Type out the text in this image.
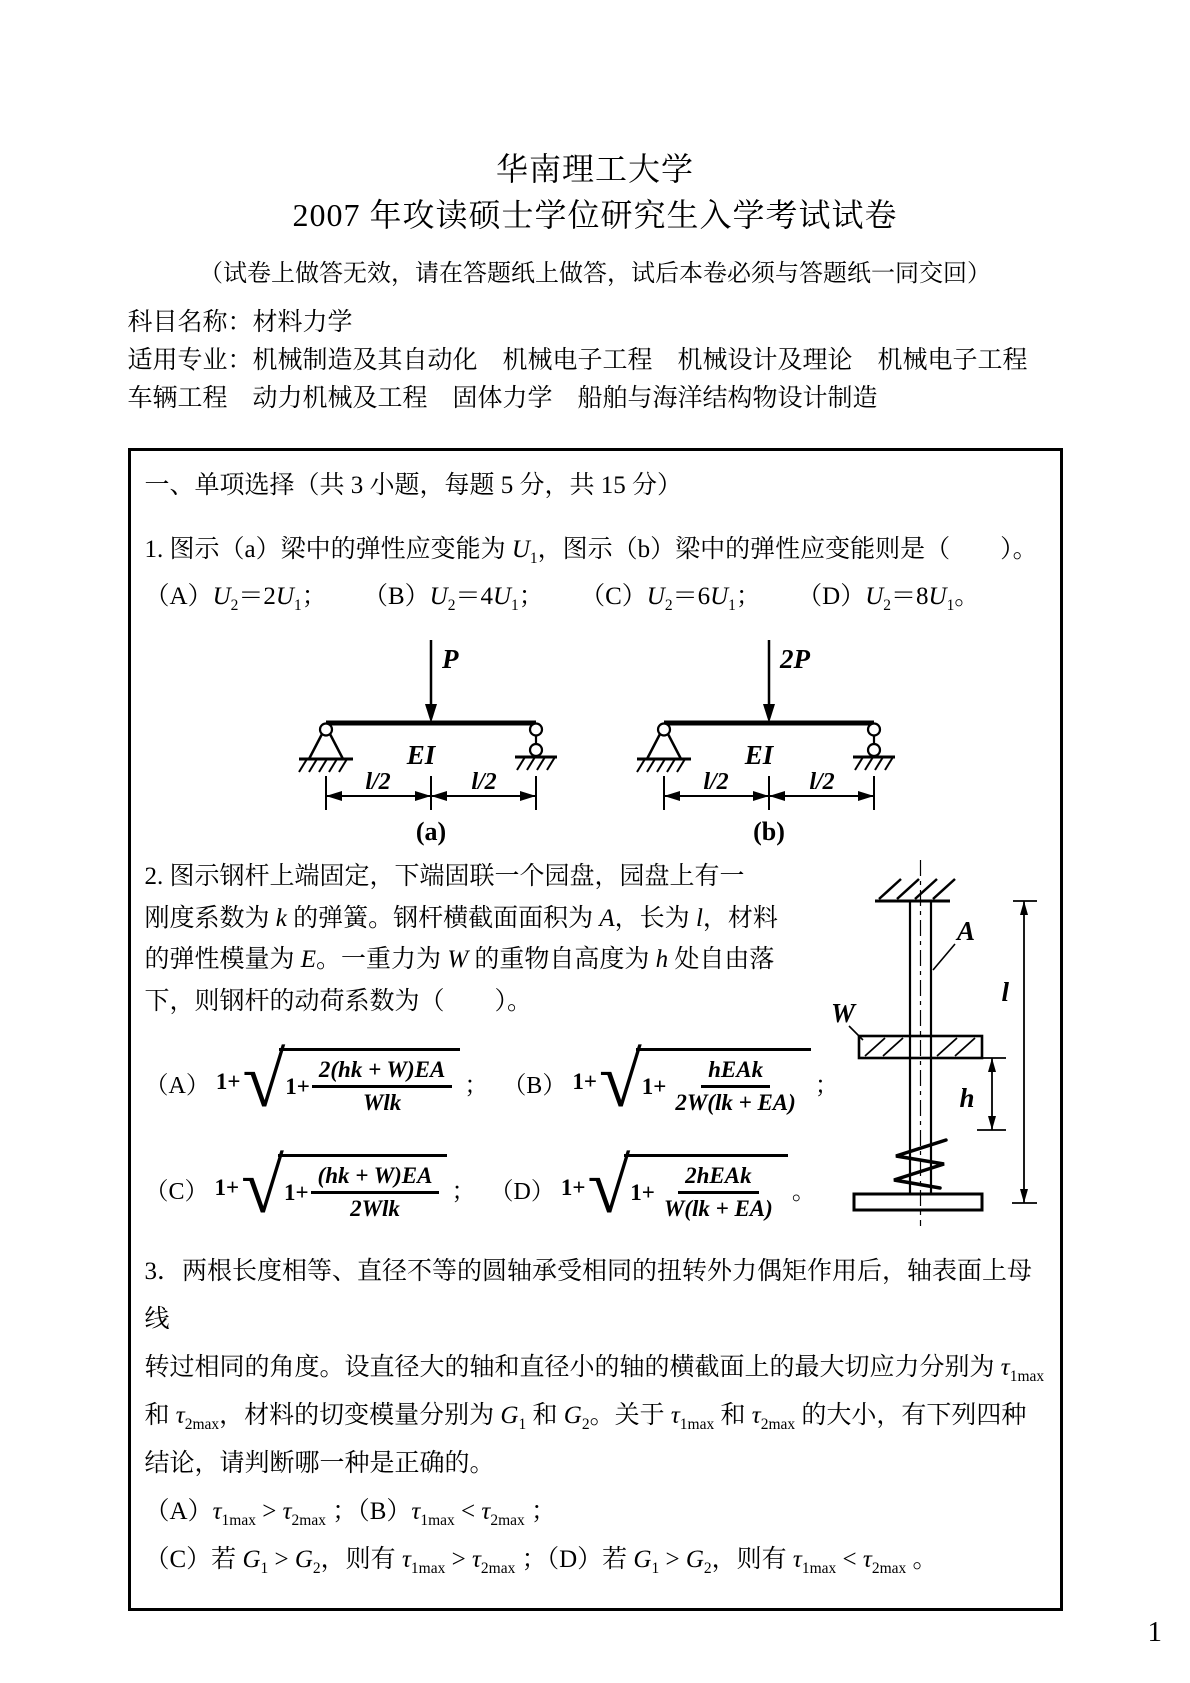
华南理工大学
2007 年攻读硕士学位研究生入学考试试卷
（试卷上做答无效，请在答题纸上做答，试后本卷必须与答题纸一同交回）
科目名称：材料力学
适用专业：机械制造及其自动化　机械电子工程　机械设计及理论　机械电子工程
车辆工程　动力机械及工程　固体力学　船舶与海洋结构物设计制造
一、单项选择（共 3 小题，每题 5 分，共 15 分）
1. 图示（a）梁中的弹性应变能为 $U_1$，图示（b）梁中的弹性应变能则是（　　）。
$(A)U_2=2U_1$； $(B)U_2=4U_1$； $(C)U_2=6U_1$； $(D)U_2=8U_1$。
P
EI
l/2	l/2
(a)
2P
EI
l/2	l/2
(b)
W
A
h
l
2. 图示钢杆上端固定，下端固联一个园盘，园盘上有一
刚度系数为 k 的弹簧。钢杆横截面面积为 A，长为 l，材料
的弹性模量为 E。一重力为 W 的重物自高度为 h 处自由落
下，则钢杆的动荷系数为（　　）。
（A） 1+ √ $1+ \frac{2(hk + W)EA}{\text{Wlk}}$ ； （B） 1+ √ $1+ \frac{\text{hEAk}}{2W(lk + EA)}$ ；
（C） 1+ √ $1+ \frac{(hk + W)EA}{\text{2Wlk}}$ ； （D） 1+ √ $1+ \frac{\text{2hEAk}}{W(lk + EA)}$ 。
3．两根长度相等、直径不等的圆轴承受相同的扭转外力偶矩作用后，轴表面上母线
转过相同的角度。设直径大的轴和直径小的轴的横截面上的最大切应力分别为 $\tau_{1max}$
和 $\tau_{2max}$，材料的切变模量分别为 $G_1$ 和 $G_2$。关于 $\tau_{1max}$ 和 $\tau_{2max}$ 的大小，有下列四种
结论，请判断哪一种是正确的。
$(A)\tau_{1max} > \tau_{2max}$ ；$(B)\tau_{1max} < \tau_{2max}$ ；
（C）若 $G_1 > G_2$，则有 $\tau_{1max} > \tau_{2max}$ ；（D）若 $G_1 > G_2$，则有 $\tau_{1max} < \tau_{2max}$ 。
1
